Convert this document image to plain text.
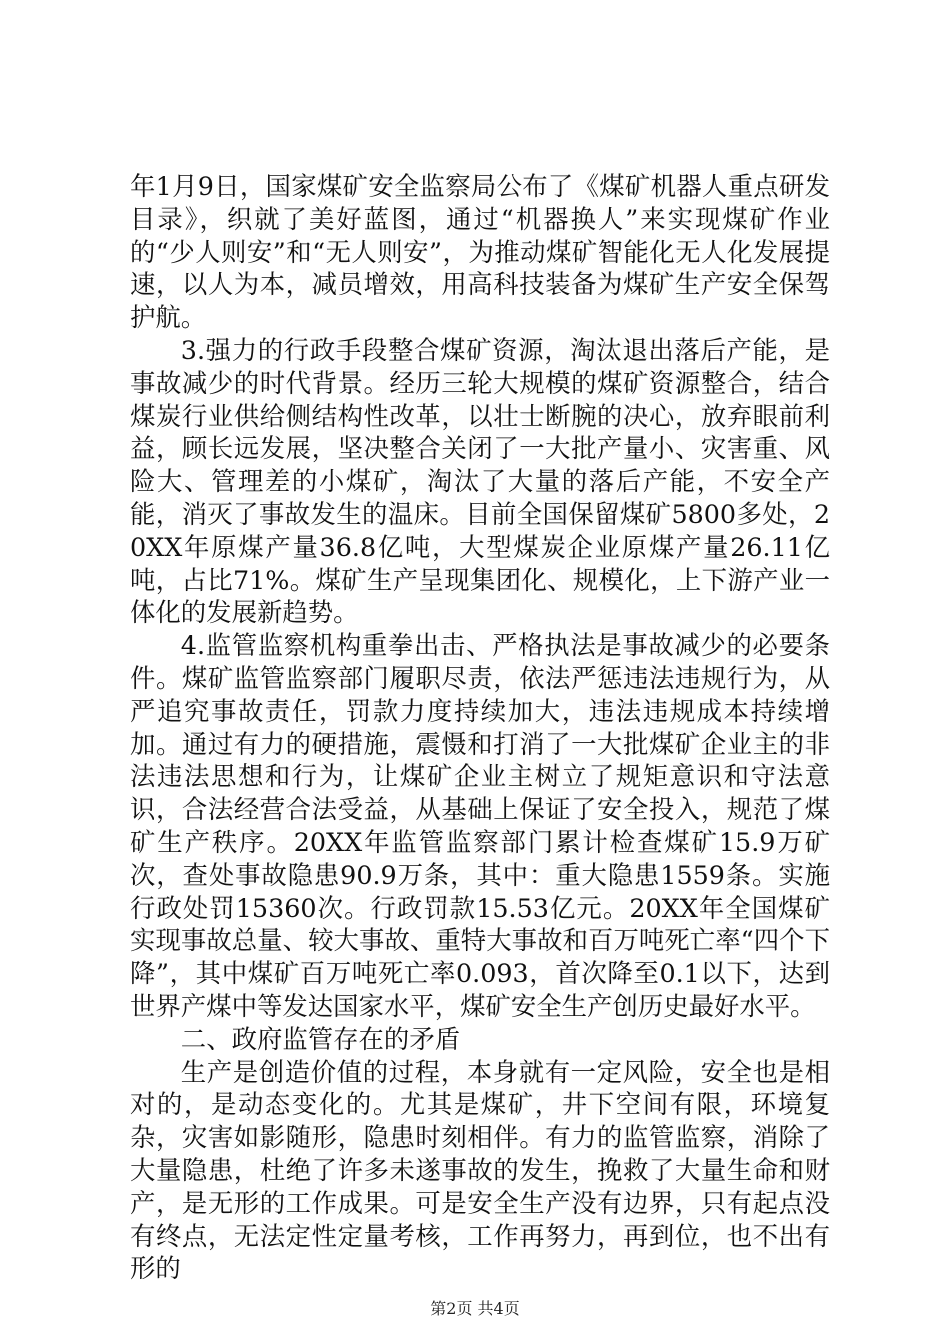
年1月9日，国家煤矿安全监察局公布了《煤矿机器人重点研发目录》，织就了美好蓝图，通过“机器换人”来实现煤矿作业的“少人则安”和“无人则安”，为推动煤矿智能化无人化发展提速，以人为本，减员增效，用高科技装备为煤矿生产安全保驾护航。

3.强力的行政手段整合煤矿资源，淘汰退出落后产能，是事故减少的时代背景。经历三轮大规模的煤矿资源整合，结合煤炭行业供给侧结构性改革，以壮士断腕的决心，放弃眼前利益，顾长远发展，坚决整合关闭了一大批产量小、灾害重、风险大、管理差的小煤矿，淘汰了大量的落后产能，不安全产能，消灭了事故发生的温床。目前全国保留煤矿5800多处，20XX年原煤产量36.8亿吨，大型煤炭企业原煤产量26.11亿吨，占比71%。煤矿生产呈现集团化、规模化，上下游产业一体化的发展新趋势。

4.监管监察机构重拳出击、严格执法是事故减少的必要条件。煤矿监管监察部门履职尽责，依法严惩违法违规行为，从严追究事故责任，罚款力度持续加大，违法违规成本持续增加。通过有力的硬措施，震慑和打消了一大批煤矿企业主的非法违法思想和行为，让煤矿企业主树立了规矩意识和守法意识，合法经营合法受益，从基础上保证了安全投入，规范了煤矿生产秩序。20XX年监管监察部门累计检查煤矿15.9万矿次，查处事故隐患90.9万条，其中：重大隐患1559条。实施行政处罚15360次。行政罚款15.53亿元。20XX年全国煤矿实现事故总量、较大事故、重特大事故和百万吨死亡率“四个下降”，其中煤矿百万吨死亡率0.093，首次降至0.1以下，达到世界产煤中等发达国家水平，煤矿安全生产创历史最好水平。

二、政府监管存在的矛盾

生产是创造价值的过程，本身就有一定风险，安全也是相对的，是动态变化的。尤其是煤矿，井下空间有限，环境复杂，灾害如影随形，隐患时刻相伴。有力的监管监察，消除了大量隐患，杜绝了许多未遂事故的发生，挽救了大量生命和财产，是无形的工作成果。可是安全生产没有边界，只有起点没有终点，无法定性定量考核，工作再努力，再到位，也不出有形的

第2页 共4页
